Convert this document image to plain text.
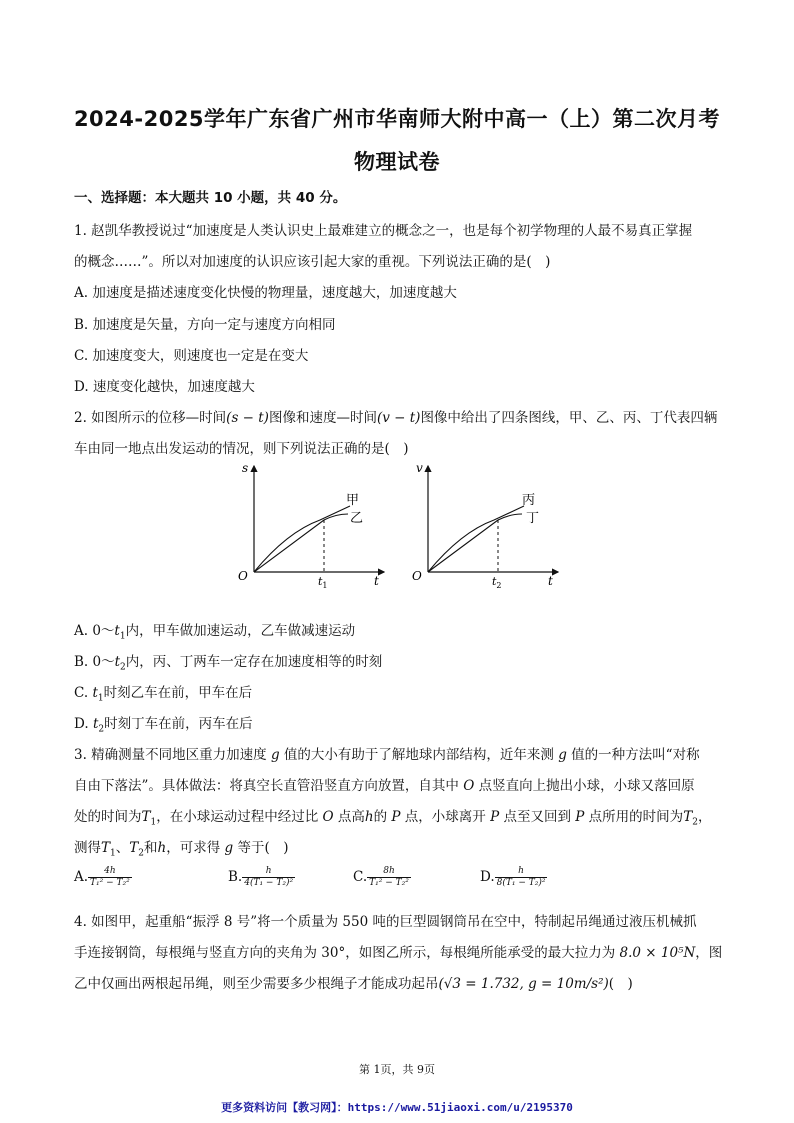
2024-2025学年广东省广州市华南师大附中高一（上）第二次月考
物理试卷
一、选择题：本大题共 10 小题，共 40 分。
1. 赵凯华教授说过“加速度是人类认识史上最难建立的概念之一，也是每个初学物理的人最不易真正掌握
的概念……”。所以对加速度的认识应该引起大家的重视。下列说法正确的是(　)
A. 加速度是描述速度变化快慢的物理量，速度越大，加速度越大
B. 加速度是矢量，方向一定与速度方向相同
C. 加速度变大，则速度也一定是在变大
D. 速度变化越快，加速度越大
2. 如图所示的位移—时间(s − t)图像和速度—时间(v − t)图像中给出了四条图线，甲、乙、丙、丁代表四辆
车由同一地点出发运动的情况，则下列说法正确的是(　)
s
t
O
甲
乙
$t_1$
v
t
O
丙
丁
$t_2$
A. $0\sim t_1$内，甲车做加速运动，乙车做减速运动
B. $0\sim t_2$内，丙、丁两车一定存在加速度相等的时刻
C. $t_1$时刻乙车在前，甲车在后
D. $t_2$时刻丁车在前，丙车在后
3. 精确测量不同地区重力加速度 g 值的大小有助于了解地球内部结构，近年来测 g 值的一种方法叫“对称
自由下落法”。具体做法：将真空长直管沿竖直方向放置，自其中 O 点竖直向上抛出小球，小球又落回原
处的时间为$T_1$，在小球运动过程中经过比 O 点高h的 P 点，小球离开 P 点至又回到 P 点所用的时间为$T_2$，
测得$T_1$、$T_2$和h，可求得 g 等于(　)
A. $\frac{4h}{\text{T₁² − T₂²}}$	B. $\frac{h}{\text{4(T₁ − T₂)²}}$	C. $\frac{8h}{\text{T₁² − T₂²}}$	D. $\frac{h}{\text{8(T₁ − T₂)²}}$
4. 如图甲，起重船“振浮 8 号”将一个质量为 550 吨的巨型圆钢筒吊在空中，特制起吊绳通过液压机械抓
手连接钢筒，每根绳与竖直方向的夹角为 30°，如图乙所示，每根绳所能承受的最大拉力为 8.0 × 10⁵N，图
乙中仅画出两根起吊绳，则至少需要多少根绳子才能成功起吊(√3 = 1.732, g = 10m/s²)(　)
第 1页，共 9页
更多资料访问【教习网】：https://www.51jiaoxi.com/u/2195370
